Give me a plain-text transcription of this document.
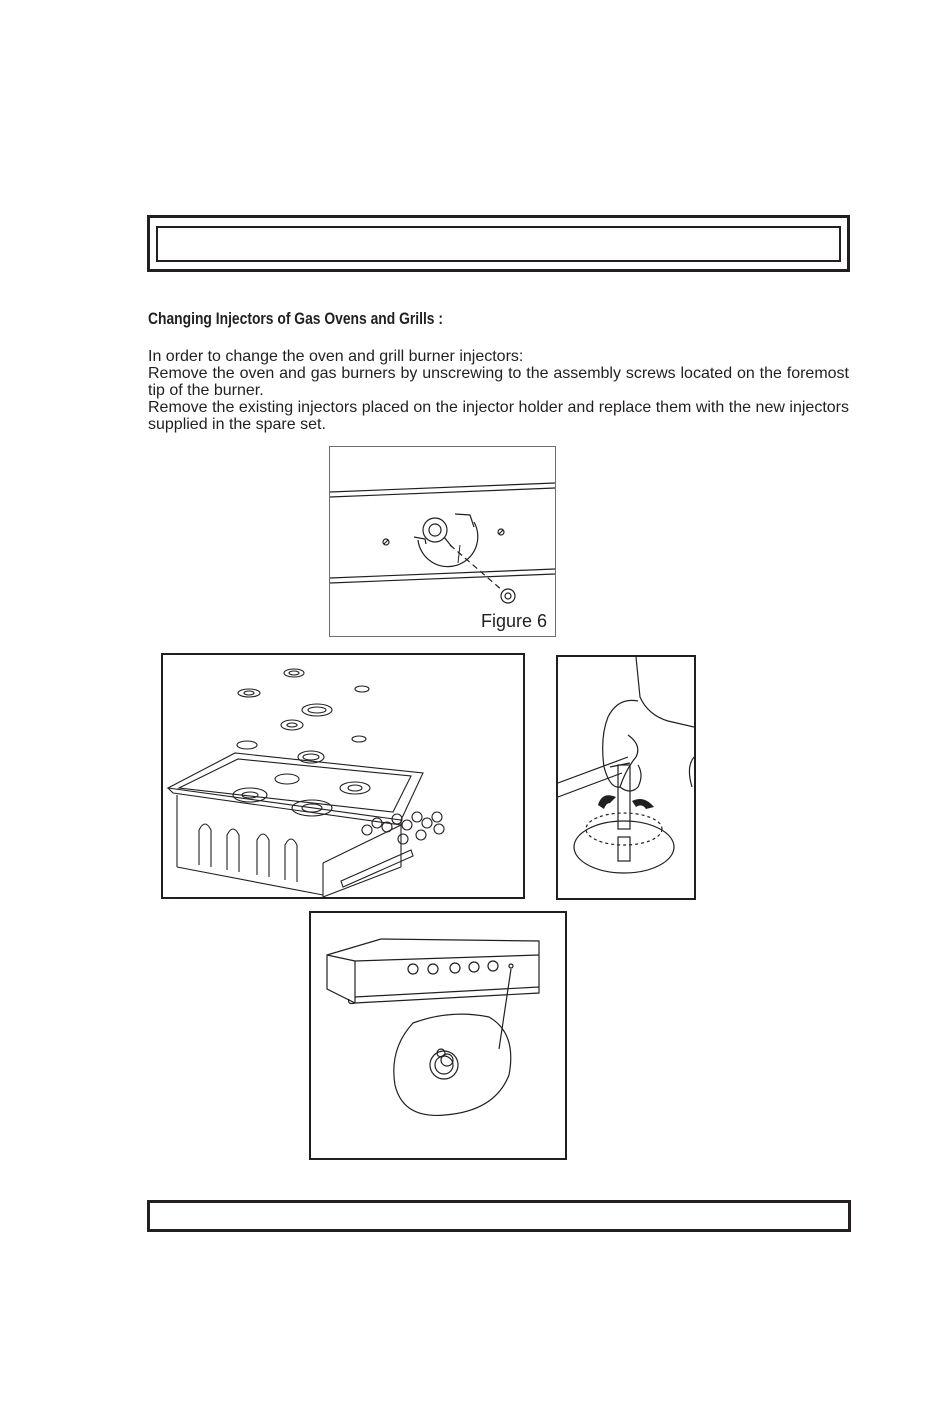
Changing Injectors of Gas Ovens and Grills :

In order to change the oven and grill burner injectors:

Remove the oven and gas burners by unscrewing to the assembly screws located on the foremost tip of the burner.

Remove the existing injectors placed on the injector holder and replace them with the new injectors supplied in the spare set.

Figure 6
